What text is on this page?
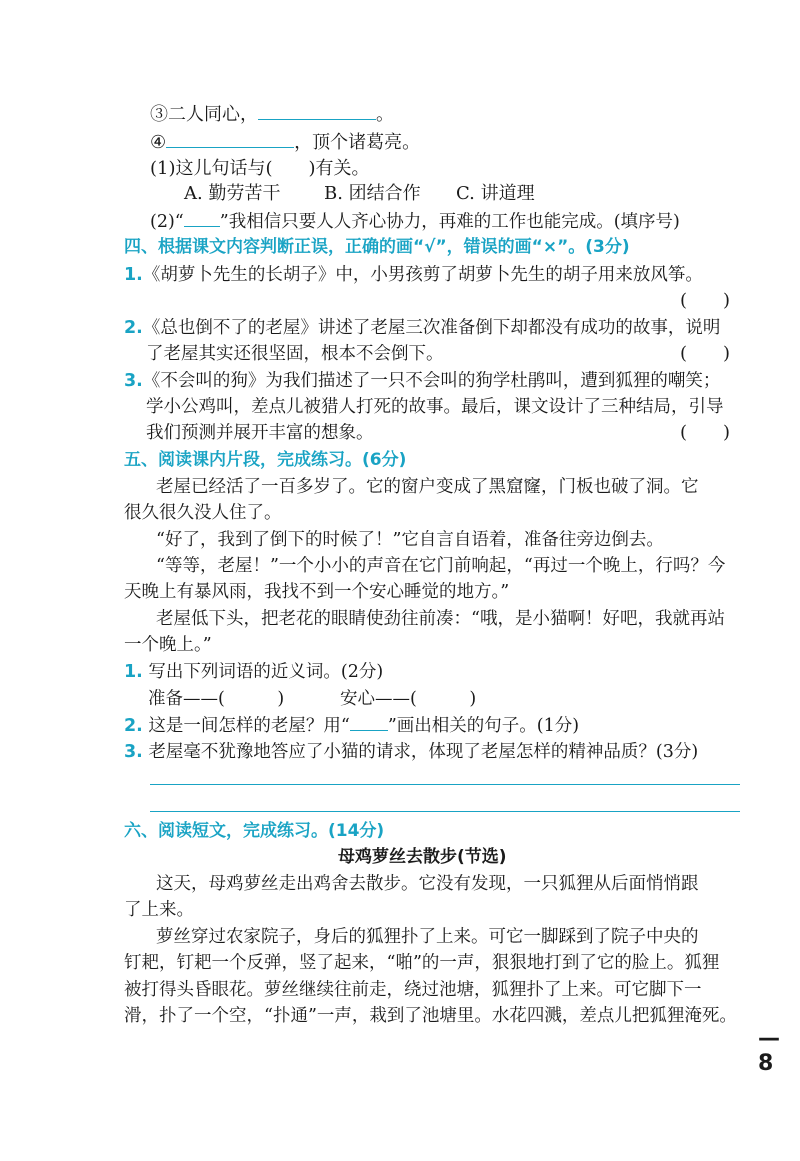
③二人同心，	。
④	，顶个诸葛亮。
(1)这儿句话与(　　)有关。
A. 勤劳苦干 B. 团结合作 C. 讲道理
(2)“ ”我相信只要人人齐心协力，再难的工作也能完成。(填序号)
四、根据课文内容判断正误，正确的画“√”，错误的画“×”。(3分)
1.《胡萝卜先生的长胡子》中，小男孩剪了胡萝卜先生的胡子用来放风筝。
(　　)
2.《总也倒不了的老屋》讲述了老屋三次准备倒下却都没有成功的故事，说明
了老屋其实还很坚固，根本不会倒下。	(　　)
3.《不会叫的狗》为我们描述了一只不会叫的狗学杜鹃叫，遭到狐狸的嘲笑；
学小公鸡叫，差点儿被猎人打死的故事。最后，课文设计了三种结局，引导
我们预测并展开丰富的想象。	(　　)
五、阅读课内片段，完成练习。(6分)
老屋已经活了一百多岁了。它的窗户变成了黑窟窿，门板也破了洞。它
很久很久没人住了。
“好了，我到了倒下的时候了！”它自言自语着，准备往旁边倒去。
“等等，老屋！”一个小小的声音在它门前响起，“再过一个晚上，行吗？今
天晚上有暴风雨，我找不到一个安心睡觉的地方。”
老屋低下头，把老花的眼睛使劲往前凑：“哦，是小猫啊！好吧，我就再站
一个晚上。”
1. 写出下列词语的近义词。(2分)
准备——(　　　)	安心——(　　　)
2. 这是一间怎样的老屋？用“ ”画出相关的句子。(1分)
3. 老屋毫不犹豫地答应了小猫的请求，体现了老屋怎样的精神品质？(3分)
六、阅读短文，完成练习。(14分)
母鸡萝丝去散步(节选)
这天，母鸡萝丝走出鸡舍去散步。它没有发现，一只狐狸从后面悄悄跟
了上来。
萝丝穿过农家院子，身后的狐狸扑了上来。可它一脚踩到了院子中央的
钉耙，钉耙一个反弹，竖了起来，“啪”的一声，狠狠地打到了它的脸上。狐狸
被打得头昏眼花。萝丝继续往前走，绕过池塘，狐狸扑了上来。可它脚下一
滑，扑了一个空，“扑通”一声，栽到了池塘里。水花四溅，差点儿把狐狸淹死。
— 8
